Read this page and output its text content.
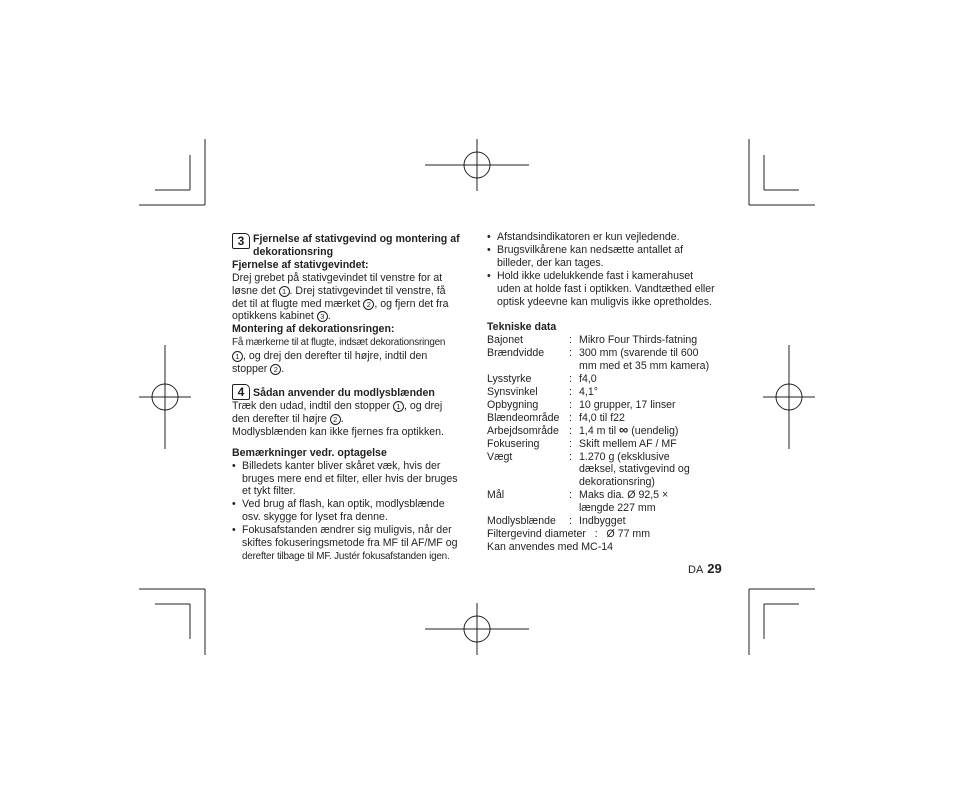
3 Fjernelse af stativgevind og montering af
dekorationsring
Fjernelse af stativgevindet:
Drej grebet på stativgevindet til venstre for at
løsne det 1 . Drej stativgevindet til venstre, få
det til at flugte med mærket 2 , og fjern det fra
optikkens kabinet 3 .
Montering af dekorationsringen:
Få mærkerne til at flugte, indsæt dekorationsringen
1 , og drej den derefter til højre, indtil den
stopper 2 .
4 Sådan anvender du modlysblænden
Træk den udad, indtil den stopper 1 , og drej
den derefter til højre 2 .
Modlysblænden kan ikke fjernes fra optikken.
Bemærkninger vedr. optagelse
• Billedets kanter bliver skåret væk, hvis der
bruges mere end et filter, eller hvis der bruges
et tykt filter.
• Ved brug af flash, kan optik, modlysblænde
osv. skygge for lyset fra denne.
• Fokusafstanden ændrer sig muligvis, når der
skiftes fokuseringsmetode fra MF til AF/MF og
derefter tilbage til MF. Justér fokusafstanden igen.
• Afstandsindikatoren er kun vejledende.
• Brugsvilkårene kan nedsætte antallet af
billeder, der kan tages.
• Hold ikke udelukkende fast i kamerahuset
uden at holde fast i optikken. Vandtæthed eller
optisk ydeevne kan muligvis ikke opretholdes.
Tekniske data
Bajonet	: Mikro Four Thirds-fatning
Brændvidde	: 300 mm (svarende til 600
mm med et 35 mm kamera)
Lysstyrke	: f4,0
Synsvinkel	: 4,1°
Opbygning	: 10 grupper, 17 linser
Blændeområde : f4,0 til f22
Arbejdsområde : 1,4 m til ∞ (uendelig)
Fokusering	: Skift mellem AF / MF
Vægt	: 1.270 g (eksklusive
dæksel, stativgevind og
dekorationsring)
Mål	: Maks dia. Ø 92,5 ×
længde 227 mm
Modlysblænde	: Indbygget
Filtergevind diameter   :   Ø 77 mm
Kan anvendes med MC-14
DA 29
